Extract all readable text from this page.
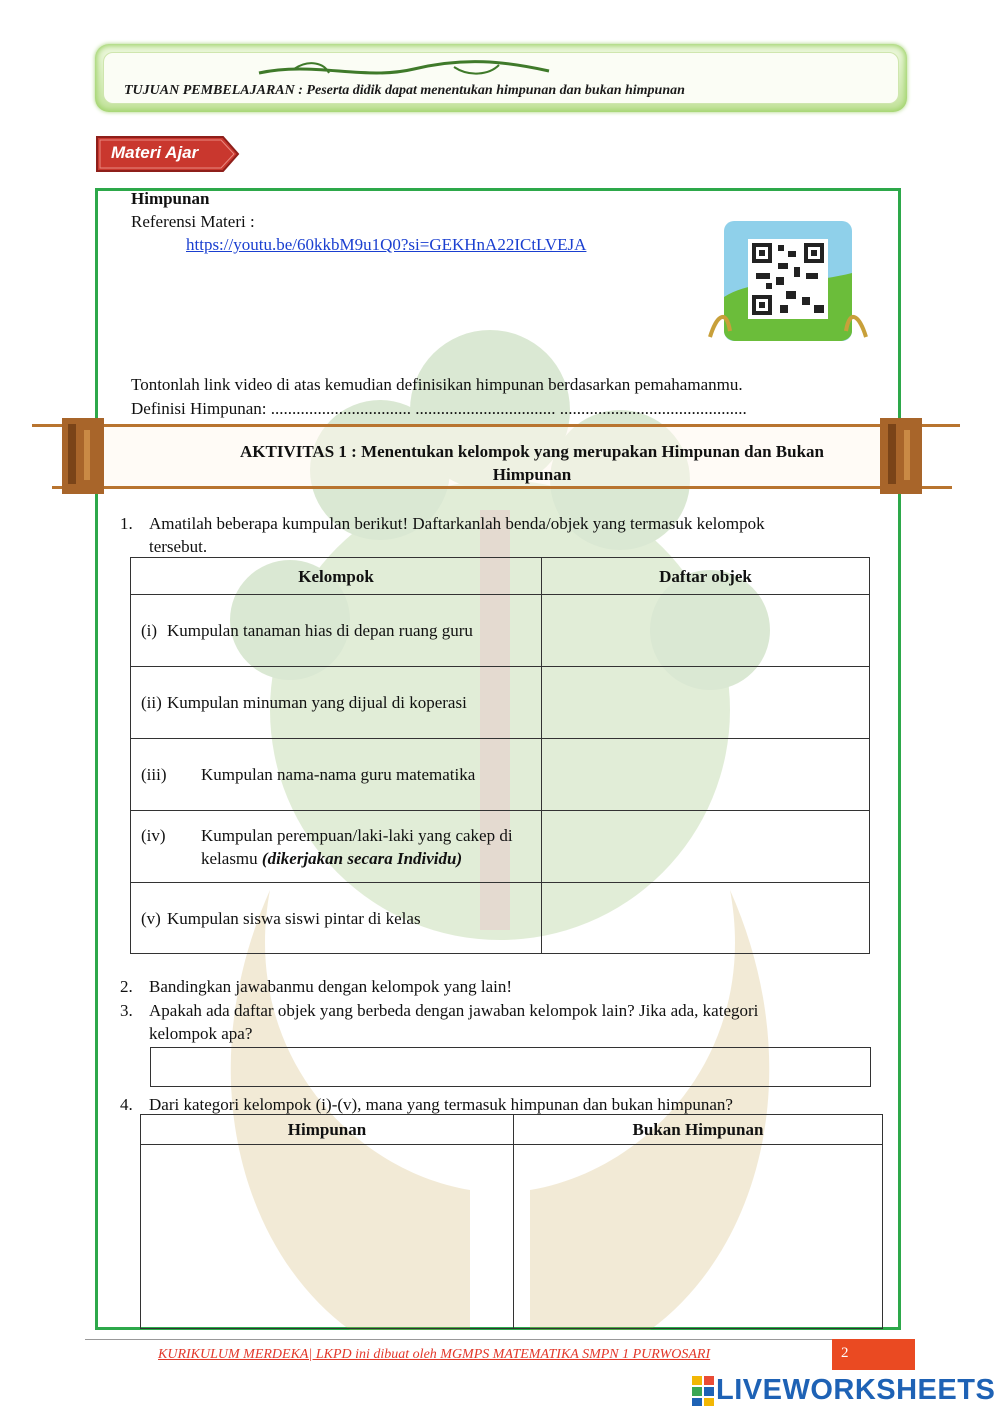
TUJUAN PEMBELAJARAN : Peserta didik dapat menentukan himpunan dan bukan himpunan
Materi Ajar
Himpunan
Referensi Materi :
https://youtu.be/60kkbM9u1Q0?si=GEKHnA22ICtLVEJA
Tontonlah link video di atas kemudian definisikan himpunan berdasarkan pemahamanmu.
Definisi Himpunan: ................................. ................................. ............................................
AKTIVITAS 1 : Menentukan kelompok yang merupakan Himpunan dan Bukan
Himpunan
1. Amatilah beberapa kumpulan berikut! Daftarkanlah benda/objek yang termasuk kelompok
tersebut.
Kelompok	Daftar objek

(i) Kumpulan tanaman hias di depan ruang guru	

(ii) Kumpulan minuman yang dijual di koperasi	

(iii) Kumpulan nama-nama guru matematika	

(iv) Kumpulan perempuan/laki-laki yang cakep di kelasmu (dikerjakan secara Individu)	

(v) Kumpulan siswa siswi pintar di kelas	

2. Bandingkan jawabanmu dengan kelompok yang lain!
3. Apakah ada daftar objek yang berbeda dengan jawaban kelompok lain? Jika ada, kategori
kelompok apa?
4. Dari kategori kelompok (i)-(v), mana yang termasuk himpunan dan bukan himpunan?
Himpunan	Bukan Himpunan

KURIKULUM MERDEKA| LKPD ini dibuat oleh MGMPS MATEMATIKA SMPN 1 PURWOSARI	2
LIVEWORKSHEETS
